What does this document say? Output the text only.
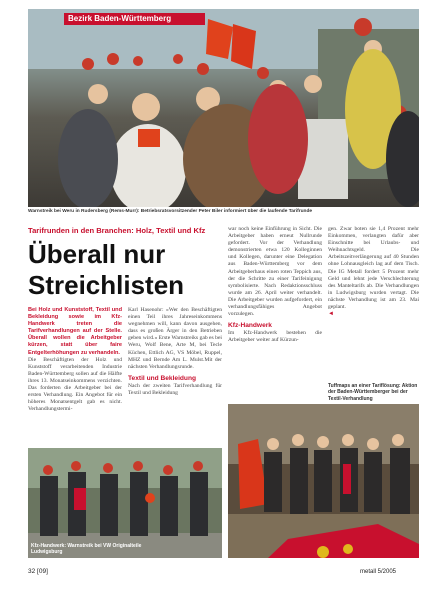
Bezirk Baden-Württemberg
Warnstreik bei Weru in Rudersberg (Rems-Murr): Betriebsratsvorsitzender Peter Biler informiert über die laufende Tarifrunde
Tarifrunden in den Branchen: Holz, Textil und Kfz
Überall nur Streichlisten

Bei Holz und Kunststoff, Textil und Bekleidung sowie im Kfz-Handwerk treten die Tarifverhandlungen auf der Stelle. Überall wollen die Arbeitgeber kürzen, statt über faire Entgelterhöhungen zu verhandeln.

Die Beschäftigten der Holz und Kunststoff verarbeitenden Industrie Baden-Württemberg sollen auf die Hälfte ihres 13. Monatseinkommens verzichten. Das forderten die Arbeitgeber bei der ersten Verhandlung. Ein Angebot für ein höheres Monatsentgelt gab es nicht. Verhandlungstermi-

Karl Hasenohr: »Wer den Beschäftigten einen Teil ihres Jahreseinkommens wegnehmen will, kann davon ausgehen, dass es großen Ärger in den Betrieben geben wird.« Erste Warnstreiks gab es bei Weru, Wolf Bene, Arte M, bei Tecle Küchen, Ettlich AG, VS Möbel, Ruppel, MHZ und Bernde Am L. Mulst.Mit der nächsten Verhandlungsrunde.

Textil und Bekleidung

Nach der zweiten Tarifverhandlung für Textil und Bekleidung

war noch keine Einführung in Sicht. Die Arbeitgeber haben erneut Nullrunde gefordert. Vor der Verhandlung demonstrierten etwa 120 Kolleginnen und Kollegen, darunter eine Delegation aus Baden-Württemberg vor dem Arbeitgeberhaus einen roten Teppich aus, der die Schritte zu einer Tarifeinigung symbolisierte. Nach Redaktionsschluss wurde am 26. April weiter verhandelt. Die Arbeitgeber wurden aufgefordert, ein verhandlungsfähiges Angebot vorzulegen.

Kfz-Handwerk

Im Kfz-Handwerk bestehen die Arbeitgeber weiter auf Kürzun-

gen. Zwar boten sie 1,4 Prozent mehr Einkommen, verlangten dafür aber Einschnitte bei Urlaubs- und Weihnachtsgeld. Die Arbeitszeitverlängerung auf 40 Stunden ohne Lohnausgleich lag auf dem Tisch. Die IG Metall fordert 5 Prozent mehr Geld und lehnt jede Verschlechterung des Manteltarifs ab. Die Verhandlungen in Ludwigsburg wurden vertagt. Die nächste Verhandlung ist am 23. Mai geplant.

◄
Tuffmaps an einer Tariflösung: Aktion der Baden-Württemberger bei der Textil-Verhandlung
Kfz-Handwerk: Warnstreik bei VW Originalteile Ludwigsburg
32 [09]	metall 5/2005
